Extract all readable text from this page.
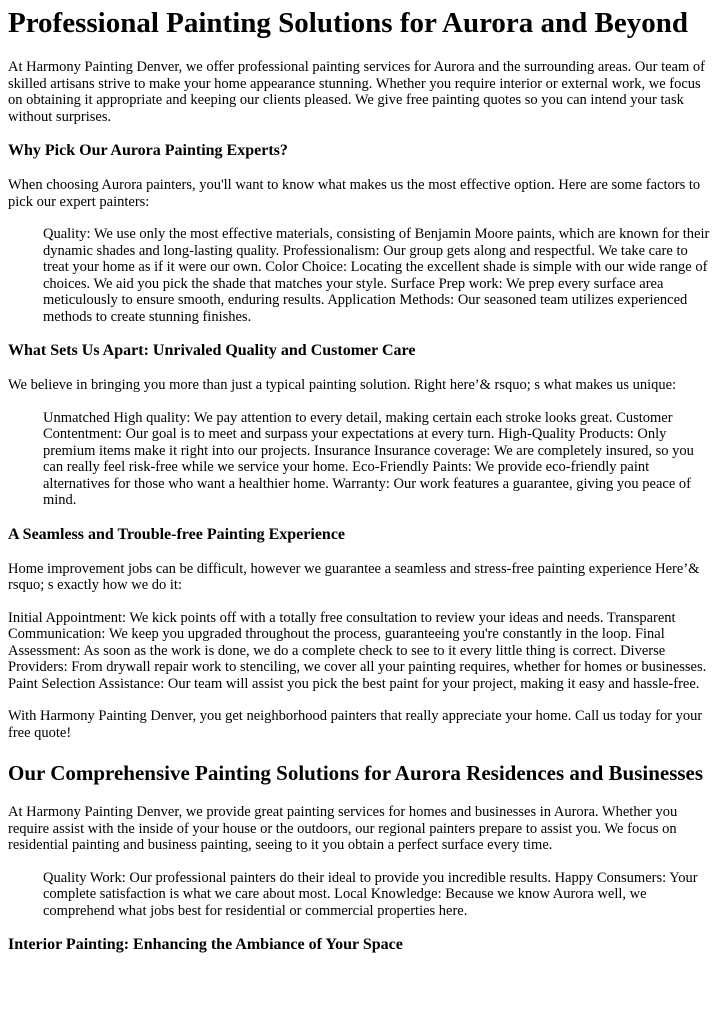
Professional Painting Solutions for Aurora and Beyond

At Harmony Painting Denver, we offer professional painting services for Aurora and the surrounding areas. Our team of skilled artisans strive to make your home appearance stunning. Whether you require interior or external work, we focus on obtaining it appropriate and keeping our clients pleased. We give free painting quotes so you can intend your task without surprises.

Why Pick Our Aurora Painting Experts?

When choosing Aurora painters, you'll want to know what makes us the most effective option. Here are some factors to pick our expert painters:

Quality: We use only the most effective materials, consisting of Benjamin Moore paints, which are known for their dynamic shades and long-lasting quality. Professionalism: Our group gets along and respectful. We take care to treat your home as if it were our own. Color Choice: Locating the excellent shade is simple with our wide range of choices. We aid you pick the shade that matches your style. Surface Prep work: We prep every surface area meticulously to ensure smooth, enduring results. Application Methods: Our seasoned team utilizes experienced methods to create stunning finishes.
What Sets Us Apart: Unrivaled Quality and Customer Care

We believe in bringing you more than just a typical painting solution. Right here’& rsquo; s what makes us unique:

Unmatched High quality: We pay attention to every detail, making certain each stroke looks great. Customer Contentment: Our goal is to meet and surpass your expectations at every turn. High-Quality Products: Only premium items make it right into our projects. Insurance Insurance coverage: We are completely insured, so you can really feel risk-free while we service your home. Eco-Friendly Paints: We provide eco-friendly paint alternatives for those who want a healthier home. Warranty: Our work features a guarantee, giving you peace of mind.
A Seamless and Trouble-free Painting Experience

Home improvement jobs can be difficult, however we guarantee a seamless and stress-free painting experience Here’& rsquo; s exactly how we do it:

Initial Appointment: We kick points off with a totally free consultation to review your ideas and needs. Transparent Communication: We keep you upgraded throughout the process, guaranteeing you're constantly in the loop. Final Assessment: As soon as the work is done, we do a complete check to see to it every little thing is correct. Diverse Providers: From drywall repair work to stenciling, we cover all your painting requires, whether for homes or businesses. Paint Selection Assistance: Our team will assist you pick the best paint for your project, making it easy and hassle-free.

With Harmony Painting Denver, you get neighborhood painters that really appreciate your home. Call us today for your free quote!

Our Comprehensive Painting Solutions for Aurora Residences and Businesses

At Harmony Painting Denver, we provide great painting services for homes and businesses in Aurora. Whether you require assist with the inside of your house or the outdoors, our regional painters prepare to assist you. We focus on residential painting and business painting, seeing to it you obtain a perfect surface every time.

Quality Work: Our professional painters do their ideal to provide you incredible results. Happy Consumers: Your complete satisfaction is what we care about most. Local Knowledge: Because we know Aurora well, we comprehend what jobs best for residential or commercial properties here.
Interior Painting: Enhancing the Ambiance of Your Space
